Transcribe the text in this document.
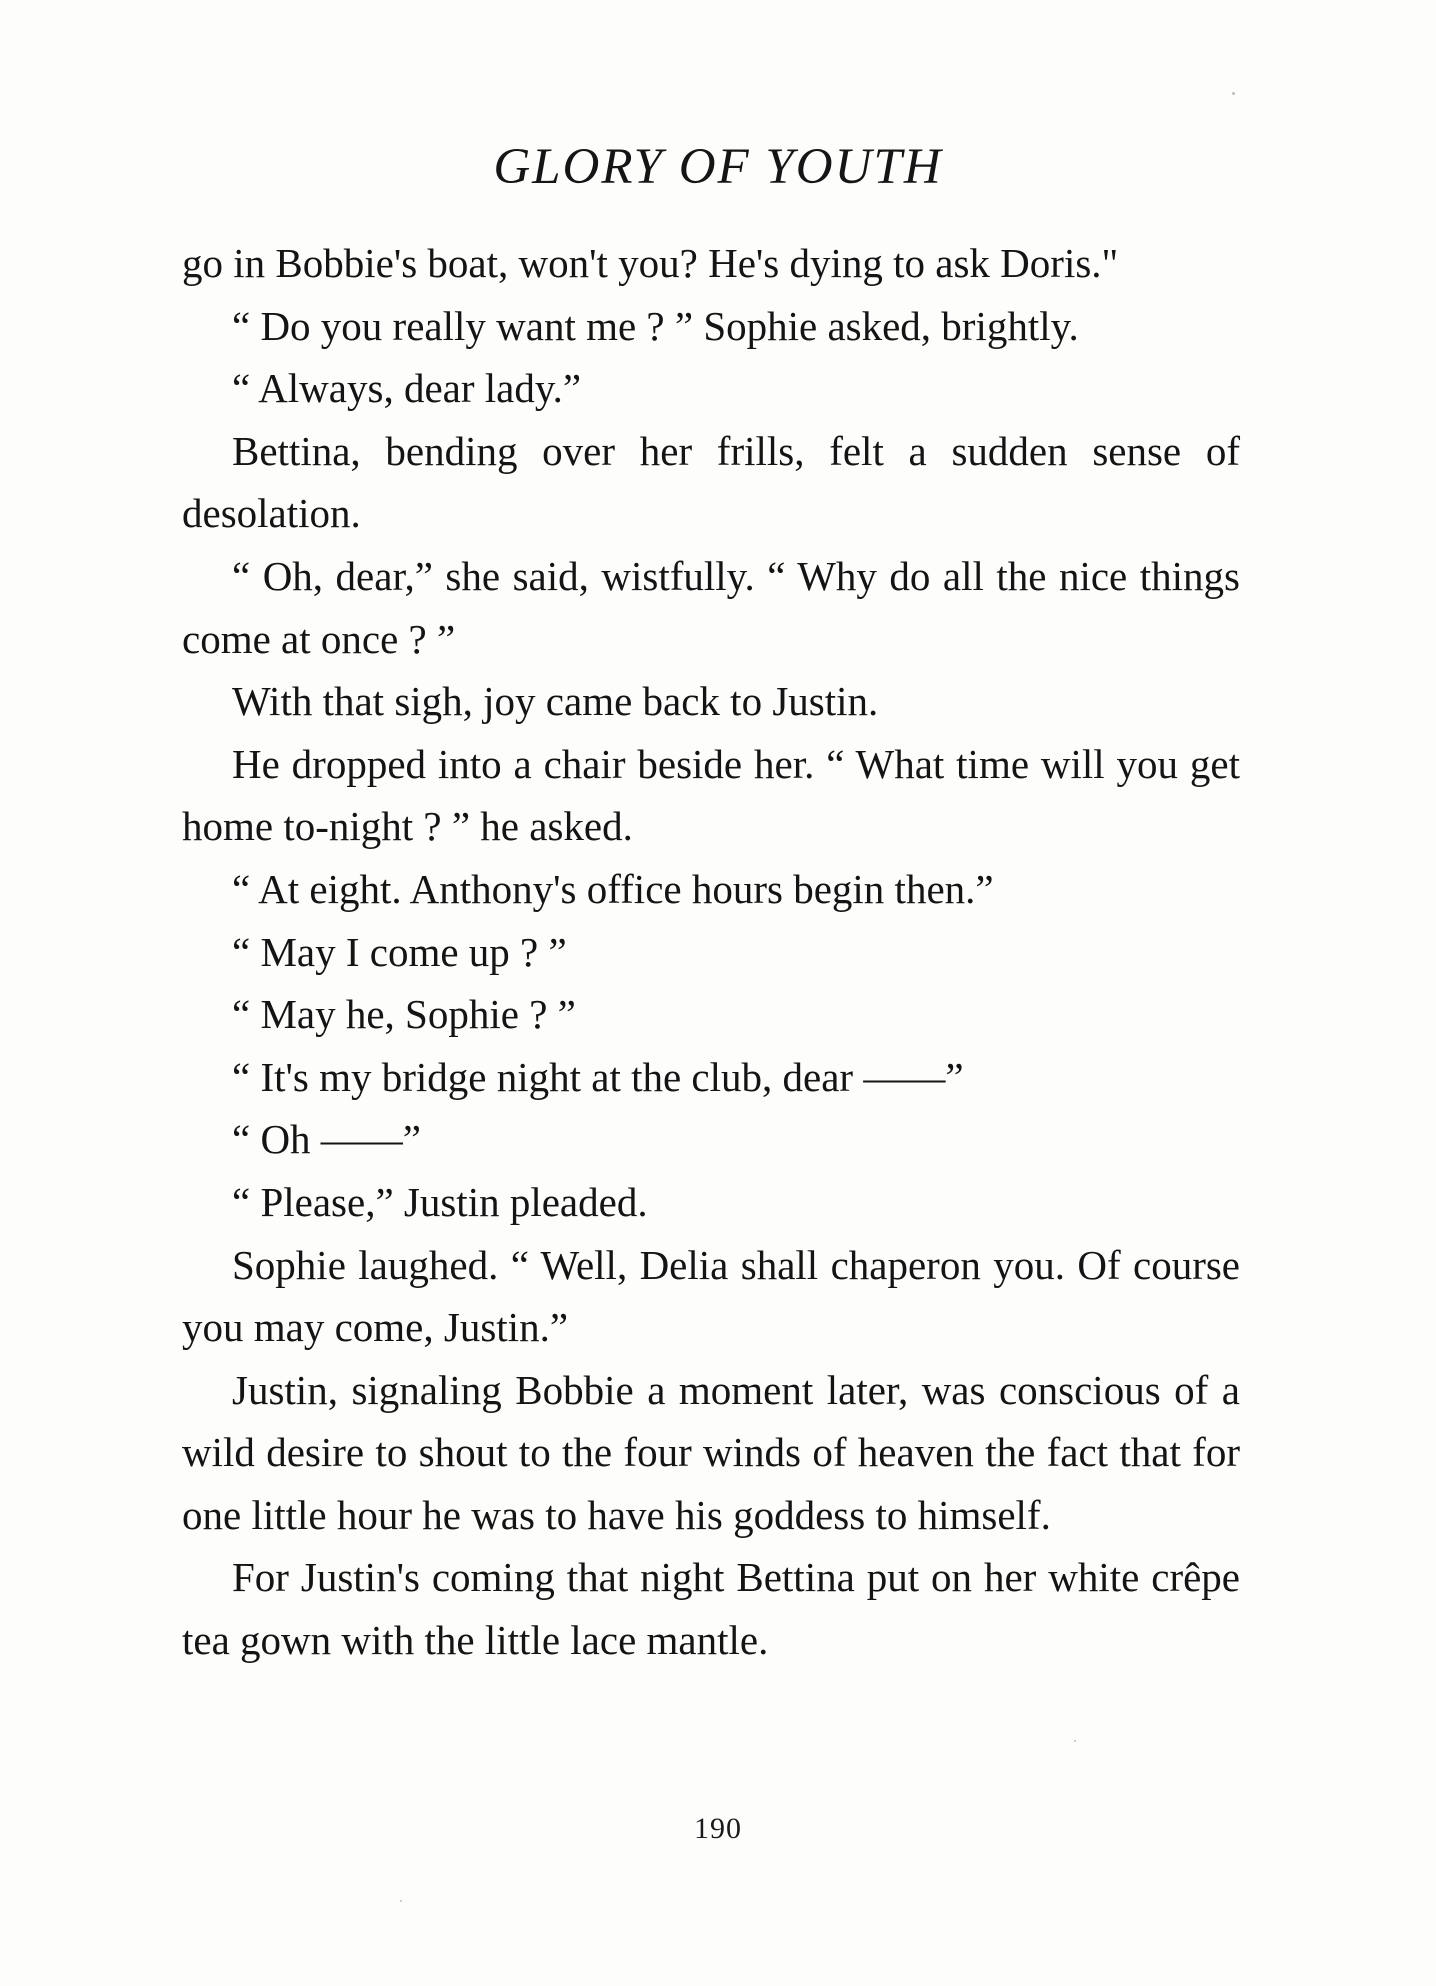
GLORY OF YOUTH

go in Bobbie's boat, won't you? He's dying to ask Doris."

“ Do you really want me ? ” Sophie asked, brightly.

“ Always, dear lady.”

Bettina, bending over her frills, felt a sudden sense of desolation.

“ Oh, dear,” she said, wistfully. “ Why do all the nice things come at once ? ”

With that sigh, joy came back to Justin.

He dropped into a chair beside her. “ What time will you get home to-night ? ” he asked.

“ At eight. Anthony's office hours begin then.”

“ May I come up ? ”

“ May he, Sophie ? ”

“ It's my bridge night at the club, dear ——”

“ Oh ——”

“ Please,” Justin pleaded.

Sophie laughed. “ Well, Delia shall chaperon you. Of course you may come, Justin.”

Justin, signaling Bobbie a moment later, was conscious of a wild desire to shout to the four winds of heaven the fact that for one little hour he was to have his goddess to himself.

For Justin's coming that night Bettina put on her white crêpe tea gown with the little lace mantle.

190
